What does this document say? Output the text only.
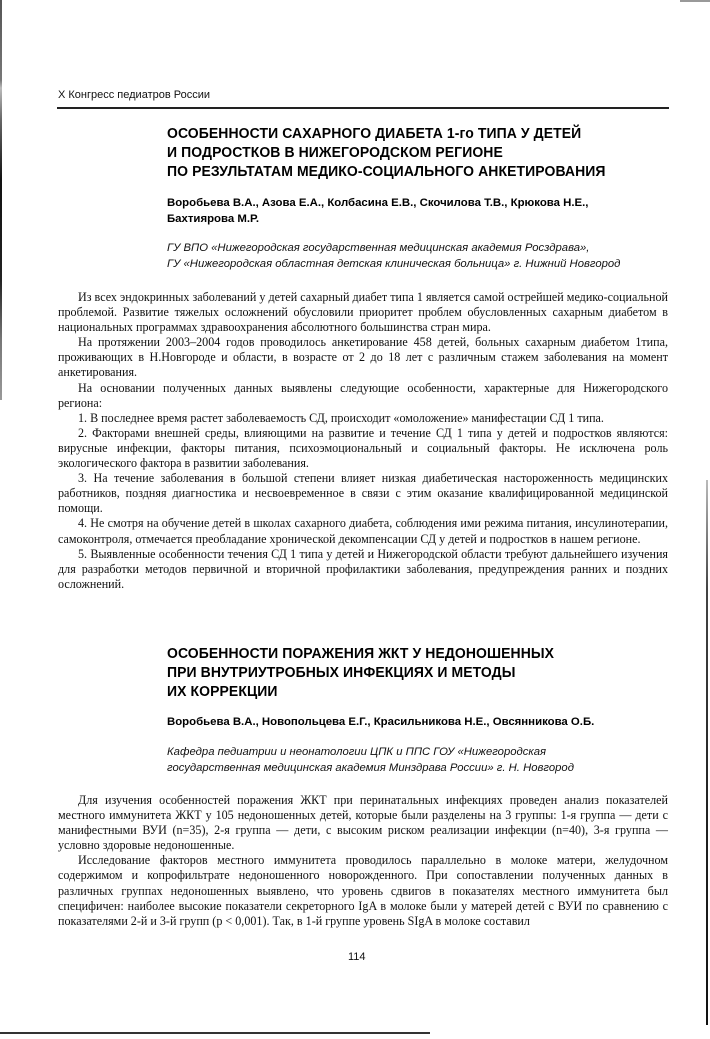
X Конгресс педиатров России
ОСОБЕННОСТИ САХАРНОГО ДИАБЕТА 1-го ТИПА У ДЕТЕЙ
И ПОДРОСТКОВ В НИЖЕГОРОДСКОМ РЕГИОНЕ
ПО РЕЗУЛЬТАТАМ МЕДИКО-СОЦИАЛЬНОГО АНКЕТИРОВАНИЯ
Воробьева В.А., Азова Е.А., Колбасина Е.В., Скочилова Т.В., Крюкова Н.Е.,
Бахтиярова М.Р.
ГУ ВПО «Нижегородская государственная медицинская академия Росздрава»,
ГУ «Нижегородская областная детская клиническая больница» г. Нижний Новгород

Из всех эндокринных заболеваний у детей сахарный диабет типа 1 является самой острейшей медико-социальной проблемой. Развитие тяжелых осложнений обусловили приоритет проблем обусловленных сахарным диабетом в национальных программах здравоохранения абсолютного большинства стран мира.

На протяжении 2003–2004 годов проводилось анкетирование 458 детей, больных сахарным диабетом 1типа, проживающих в Н.Новгороде и области, в возрасте от 2 до 18 лет с различным стажем заболевания на момент анкетирования.

На основании полученных данных выявлены следующие особенности, характерные для Нижегородского региона:

1. В последнее время растет заболеваемость СД, происходит «омоложение» манифестации СД 1 типа.

2. Факторами внешней среды, влияющими на развитие и течение СД 1 типа у детей и подростков являются: вирусные инфекции, факторы питания, психоэмоциональный и социальный факторы. Не исключена роль экологического фактора в развитии заболевания.

3. На течение заболевания в большой степени влияет низкая диабетическая настороженность медицинских работников, поздняя диагностика и несвоевременное в связи с этим оказание квалифицированной медицинской помощи.

4. Не смотря на обучение детей в школах сахарного диабета, соблюдения ими режима питания, инсулинотерапии, самоконтроля, отмечается преобладание хронической декомпенсации СД у детей и подростков в нашем регионе.

5. Выявленные особенности течения СД 1 типа у детей и Нижегородской области требуют дальнейшего изучения для разработки методов первичной и вторичной профилактики заболевания, предупреждения ранних и поздних осложнений.

ОСОБЕННОСТИ ПОРАЖЕНИЯ ЖКТ У НЕДОНОШЕННЫХ
ПРИ ВНУТРИУТРОБНЫХ ИНФЕКЦИЯХ И МЕТОДЫ
ИХ КОРРЕКЦИИ
Воробьева В.А., Новопольцева Е.Г., Красильникова Н.Е., Овсянникова О.Б.
Кафедра педиатрии и неонатологии ЦПК и ППС ГОУ «Нижегородская
государственная медицинская академия Минздрава России» г. Н. Новгород

Для изучения особенностей поражения ЖКТ при перинатальных инфекциях проведен анализ показателей местного иммунитета ЖКТ у 105 недоношенных детей, которые были разделены на 3 группы: 1-я группа — дети с манифестными ВУИ (n=35), 2-я группа — дети, с высоким риском реализации инфекции (n=40), 3-я группа — условно здоровые недоношенные.

Исследование факторов местного иммунитета проводилось параллельно в молоке матери, желудочном содержимом и копрофильтрате недоношенного новорожденного. При сопоставлении полученных данных в различных группах недоношенных выявлено, что уровень сдвигов в показателях местного иммунитета был специфичен: наиболее высокие показатели секреторного IgA в молоке были у матерей детей с ВУИ по сравнению с показателями 2-й и 3-й групп (p < 0,001). Так, в 1-й группе уровень SIgA в молоке составил

114
